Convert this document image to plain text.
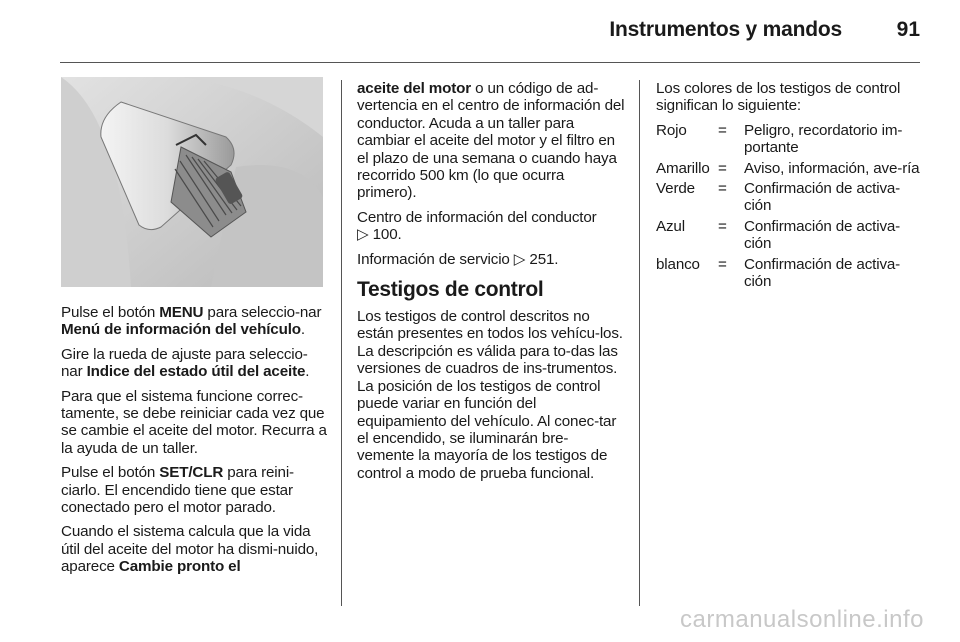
Instrumentos y mandos	91

Pulse el botón MENU para seleccio-nar Menú de información del vehículo.

Gire la rueda de ajuste para seleccio-nar Indice del estado útil del aceite.

Para que el sistema funcione correc-tamente, se debe reiniciar cada vez que se cambie el aceite del motor. Recurra a la ayuda de un taller.

Pulse el botón SET/CLR para reini-ciarlo. El encendido tiene que estar conectado pero el motor parado.

Cuando el sistema calcula que la vida útil del aceite del motor ha dismi-nuido, aparece Cambie pronto el

aceite del motor o un código de ad-vertencia en el centro de información del conductor. Acuda a un taller para cambiar el aceite del motor y el filtro en el plazo de una semana o cuando haya recorrido 500 km (lo que ocurra primero).

Centro de información del conductor
▷ 100.

Información de servicio ▷ 251.

Testigos de control

Los testigos de control descritos no están presentes en todos los vehícu-los. La descripción es válida para to-das las versiones de cuadros de ins-trumentos. La posición de los testigos de control puede variar en función del equipamiento del vehículo. Al conec-tar el encendido, se iluminarán bre-vemente la mayoría de los testigos de control a modo de prueba funcional.

Los colores de los testigos de control significan lo siguiente:

Rojo	=	Peligro, recordatorio im-portante
Amarillo =	Aviso, información, ave-ría
Verde	=	Confirmación de activa-ción
Azul	=	Confirmación de activa-ción
blanco	=	Confirmación de activa-ción
carmanualsonline.info
